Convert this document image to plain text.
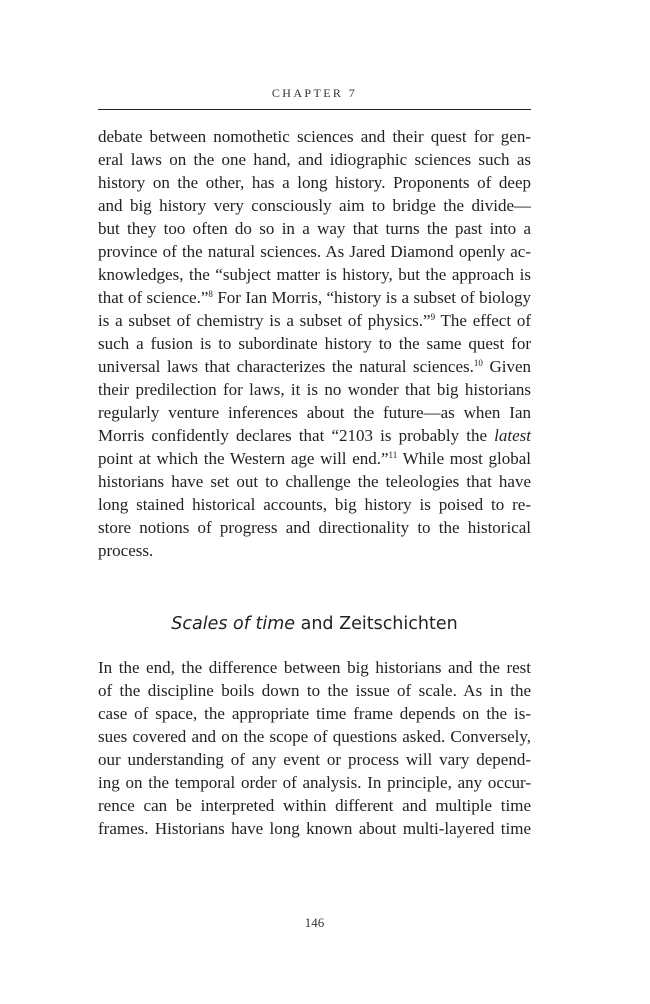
CHAPTER 7
debate between nomothetic sciences and their quest for gen-
eral laws on the one hand, and idiographic sciences such as
history on the other, has a long history. Proponents of deep
and big history very consciously aim to bridge the divide—
but they too often do so in a way that turns the past into a
province of the natural sciences. As Jared Diamond openly ac-
knowledges, the “subject matter is history, but the approach is
that of science.”$^8$ For Ian Morris, “history is a subset of biology
is a subset of chemistry is a subset of physics.”$^9$ The effect of
such a fusion is to subordinate history to the same quest for
universal laws that characterizes the natural sciences.$^{10}$ Given
their predilection for laws, it is no wonder that big historians
regularly venture inferences about the future—as when Ian
Morris confidently declares that “2103 is probably the latest
point at which the Western age will end.”$^{11}$ While most global
historians have set out to challenge the teleologies that have
long stained historical accounts, big history is poised to re-
store notions of progress and directionality to the historical
process.
Scales of time and Zeitschichten
In the end, the difference between big historians and the rest
of the discipline boils down to the issue of scale. As in the
case of space, the appropriate time frame depends on the is-
sues covered and on the scope of questions asked. Conversely,
our understanding of any event or process will vary depend-
ing on the temporal order of analysis. In principle, any occur-
rence can be interpreted within different and multiple time
frames. Historians have long known about multi-layered time
146
